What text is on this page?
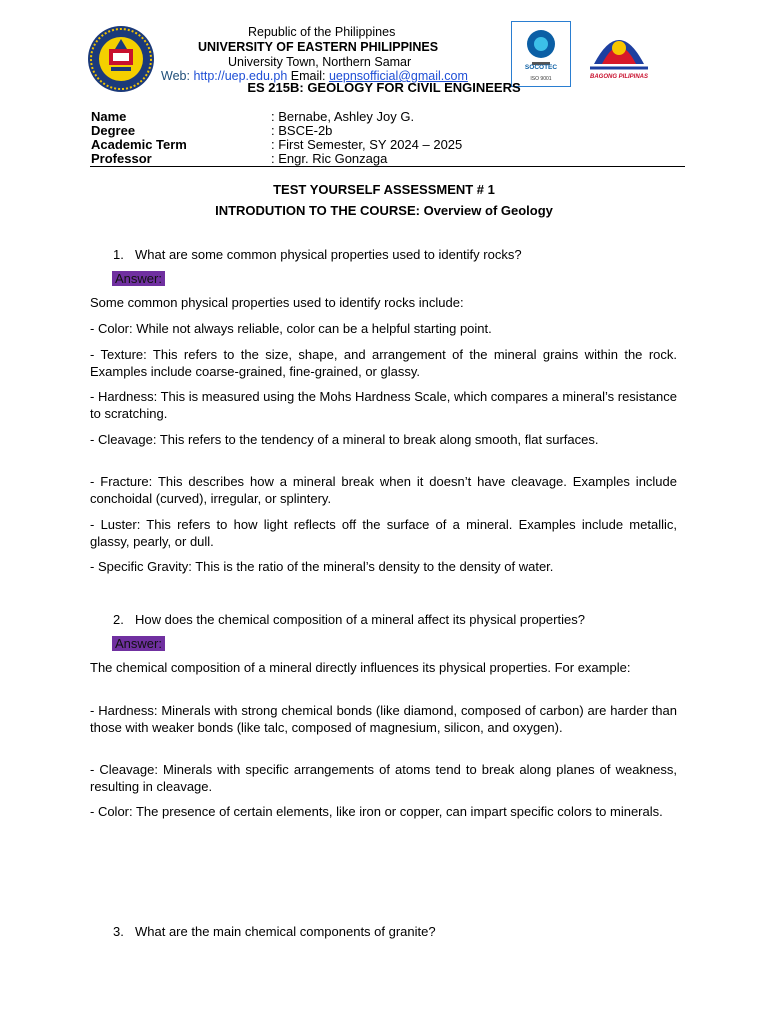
SOCOTEC
ISO 9001	BAGONG PILIPINAS
Republic of the Philippines
UNIVERSITY OF EASTERN PHILIPPINES
University Town, Northern Samar
Web: http://uep.edu.ph Email: uepnsofficial@gmail.com
ES 215B: GEOLOGY FOR CIVIL ENGINEERS
Name	: Bernabe, Ashley Joy G.
Degree	: BSCE-2b
Academic Term	: First Semester, SY 2024 – 2025
Professor	: Engr. Ric Gonzaga
TEST YOURSELF ASSESSMENT # 1
INTRODUTION TO THE COURSE: Overview of Geology
1. What are some common physical properties used to identify rocks?
Answer:
Some common physical properties used to identify rocks include:
- Color: While not always reliable, color can be a helpful starting point.
- Texture: This refers to the size, shape, and arrangement of the mineral grains within the rock. Examples include coarse-grained, fine-grained, or glassy.
- Hardness: This is measured using the Mohs Hardness Scale, which compares a mineral’s resistance to scratching.
- Cleavage: This refers to the tendency of a mineral to break along smooth, flat surfaces.
- Fracture: This describes how a mineral break when it doesn’t have cleavage. Examples include conchoidal (curved), irregular, or splintery.
- Luster: This refers to how light reflects off the surface of a mineral. Examples include metallic, glassy, pearly, or dull.
- Specific Gravity: This is the ratio of the mineral’s density to the density of water.
2. How does the chemical composition of a mineral affect its physical properties?
Answer:
The chemical composition of a mineral directly influences its physical properties. For example:
- Hardness: Minerals with strong chemical bonds (like diamond, composed of carbon) are harder than those with weaker bonds (like talc, composed of magnesium, silicon, and oxygen).
- Cleavage: Minerals with specific arrangements of atoms tend to break along planes of weakness, resulting in cleavage.
- Color: The presence of certain elements, like iron or copper, can impart specific colors to minerals.
3. What are the main chemical components of granite?
